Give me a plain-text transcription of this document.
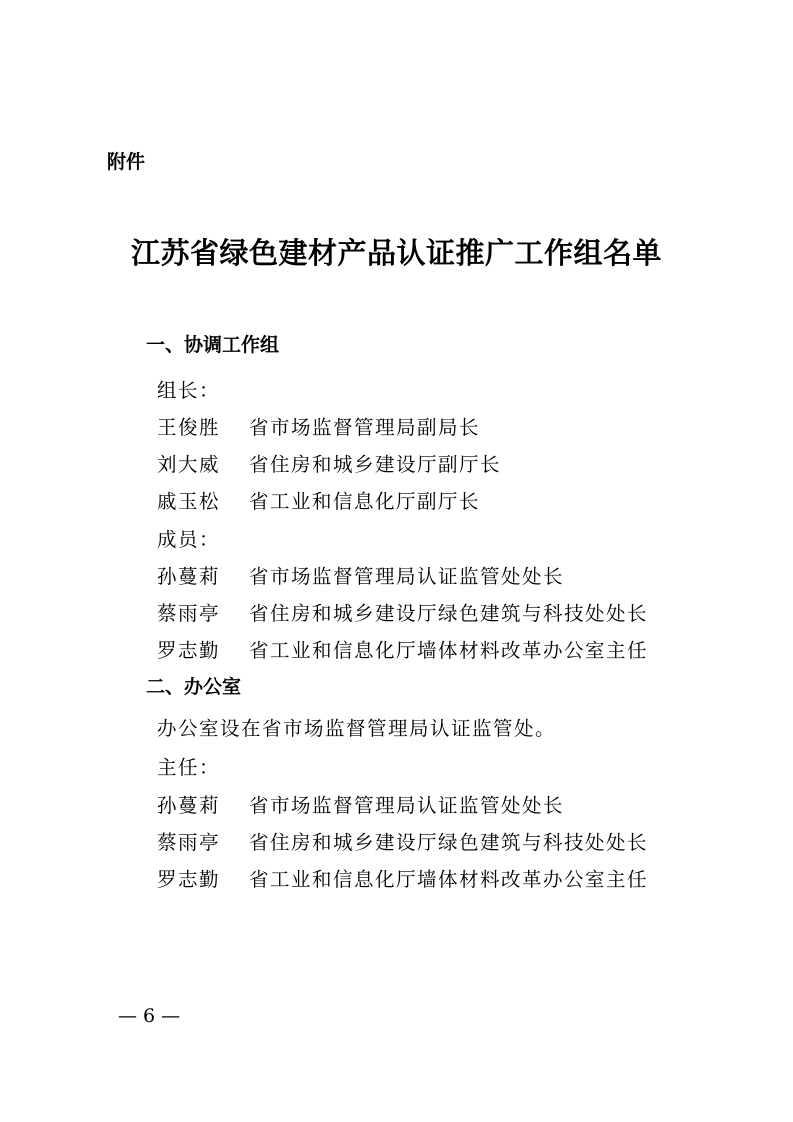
附件
江苏省绿色建材产品认证推广工作组名单
一、协调工作组
组长：
王俊胜 省市场监督管理局副局长
刘大威 省住房和城乡建设厅副厅长
戚玉松 省工业和信息化厅副厅长
成员：
孙蔓莉 省市场监督管理局认证监管处处长
蔡雨亭 省住房和城乡建设厅绿色建筑与科技处处长
罗志勤 省工业和信息化厅墙体材料改革办公室主任
二、办公室
办公室设在省市场监督管理局认证监管处。
主任：
孙蔓莉 省市场监督管理局认证监管处处长
蔡雨亭 省住房和城乡建设厅绿色建筑与科技处处长
罗志勤 省工业和信息化厅墙体材料改革办公室主任
— 6 —
